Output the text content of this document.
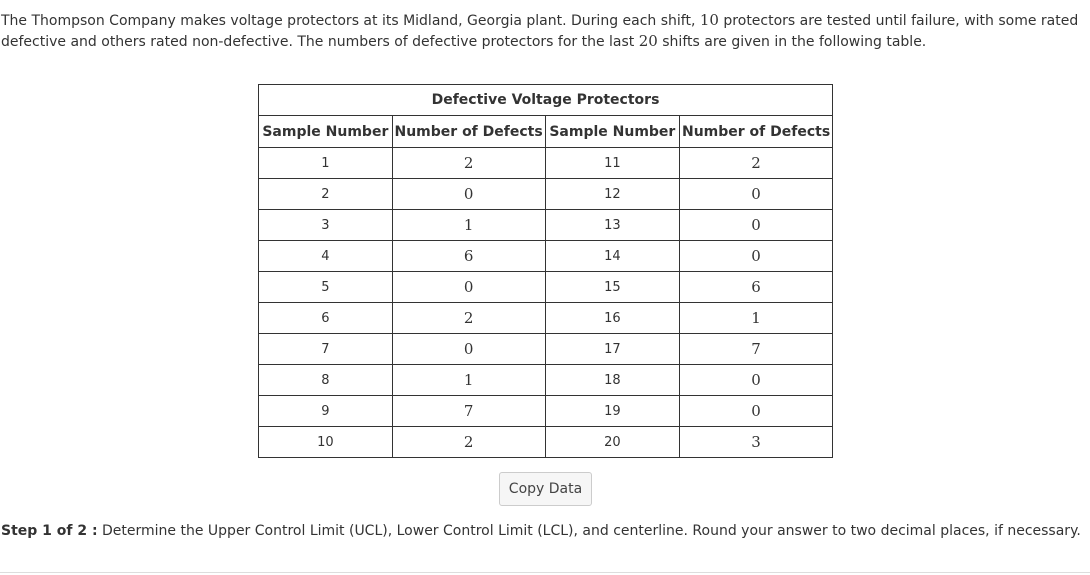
The Thompson Company makes voltage protectors at its Midland, Georgia plant. During each shift, 10 protectors are tested until failure, with some rated defective and others rated non-defective. The numbers of defective protectors for the last 20 shifts are given in the following table.
Defective Voltage Protectors			
Sample Number	Number of Defects	Sample Number	Number of Defects
1	2	11	2
2	0	12	0
3	1	13	0
4	6	14	0
5	0	15	6
6	2	16	1
7	0	17	7
8	1	18	0
9	7	19	0
10	2	20	3
Copy Data
Step 1 of 2 : Determine the Upper Control Limit (UCL), Lower Control Limit (LCL), and centerline. Round your answer to two decimal places, if necessary.
